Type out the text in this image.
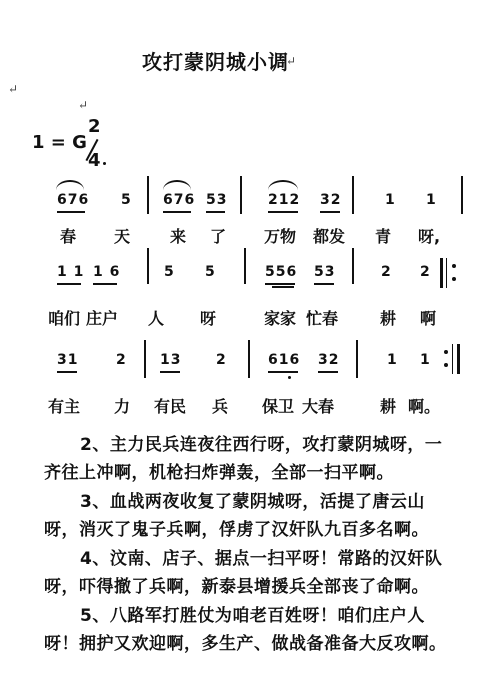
攻打蒙阴城小调
↵
↵
↵
1 = G
2
4
676 5 676 53	212 32	1 1
春 天 来 了 万物 都发 青 呀,
1 1 1 6	5 5	556 53	2 2
咱们 庄户 人 呀	家家 忙春	耕 啊
31	2 13 2	616 32	1 1
有主 力 有民 兵 保卫 大春	耕 啊。
2、主力民兵连夜往西行呀，攻打蒙阴城呀，一
齐往上冲啊，机枪扫炸弹轰，全部一扫平啊。
3、血战两夜收复了蒙阴城呀，活提了唐云山
呀，消灭了鬼子兵啊，俘虏了汉奸队九百多名啊。
4、汶南、店子、据点一扫平呀！常路的汉奸队
呀，吓得撤了兵啊，新泰县增援兵全部丧了命啊。
5、八路军打胜仗为咱老百姓呀！咱们庄户人
呀！拥护又欢迎啊，多生产、做战备准备大反攻啊。
